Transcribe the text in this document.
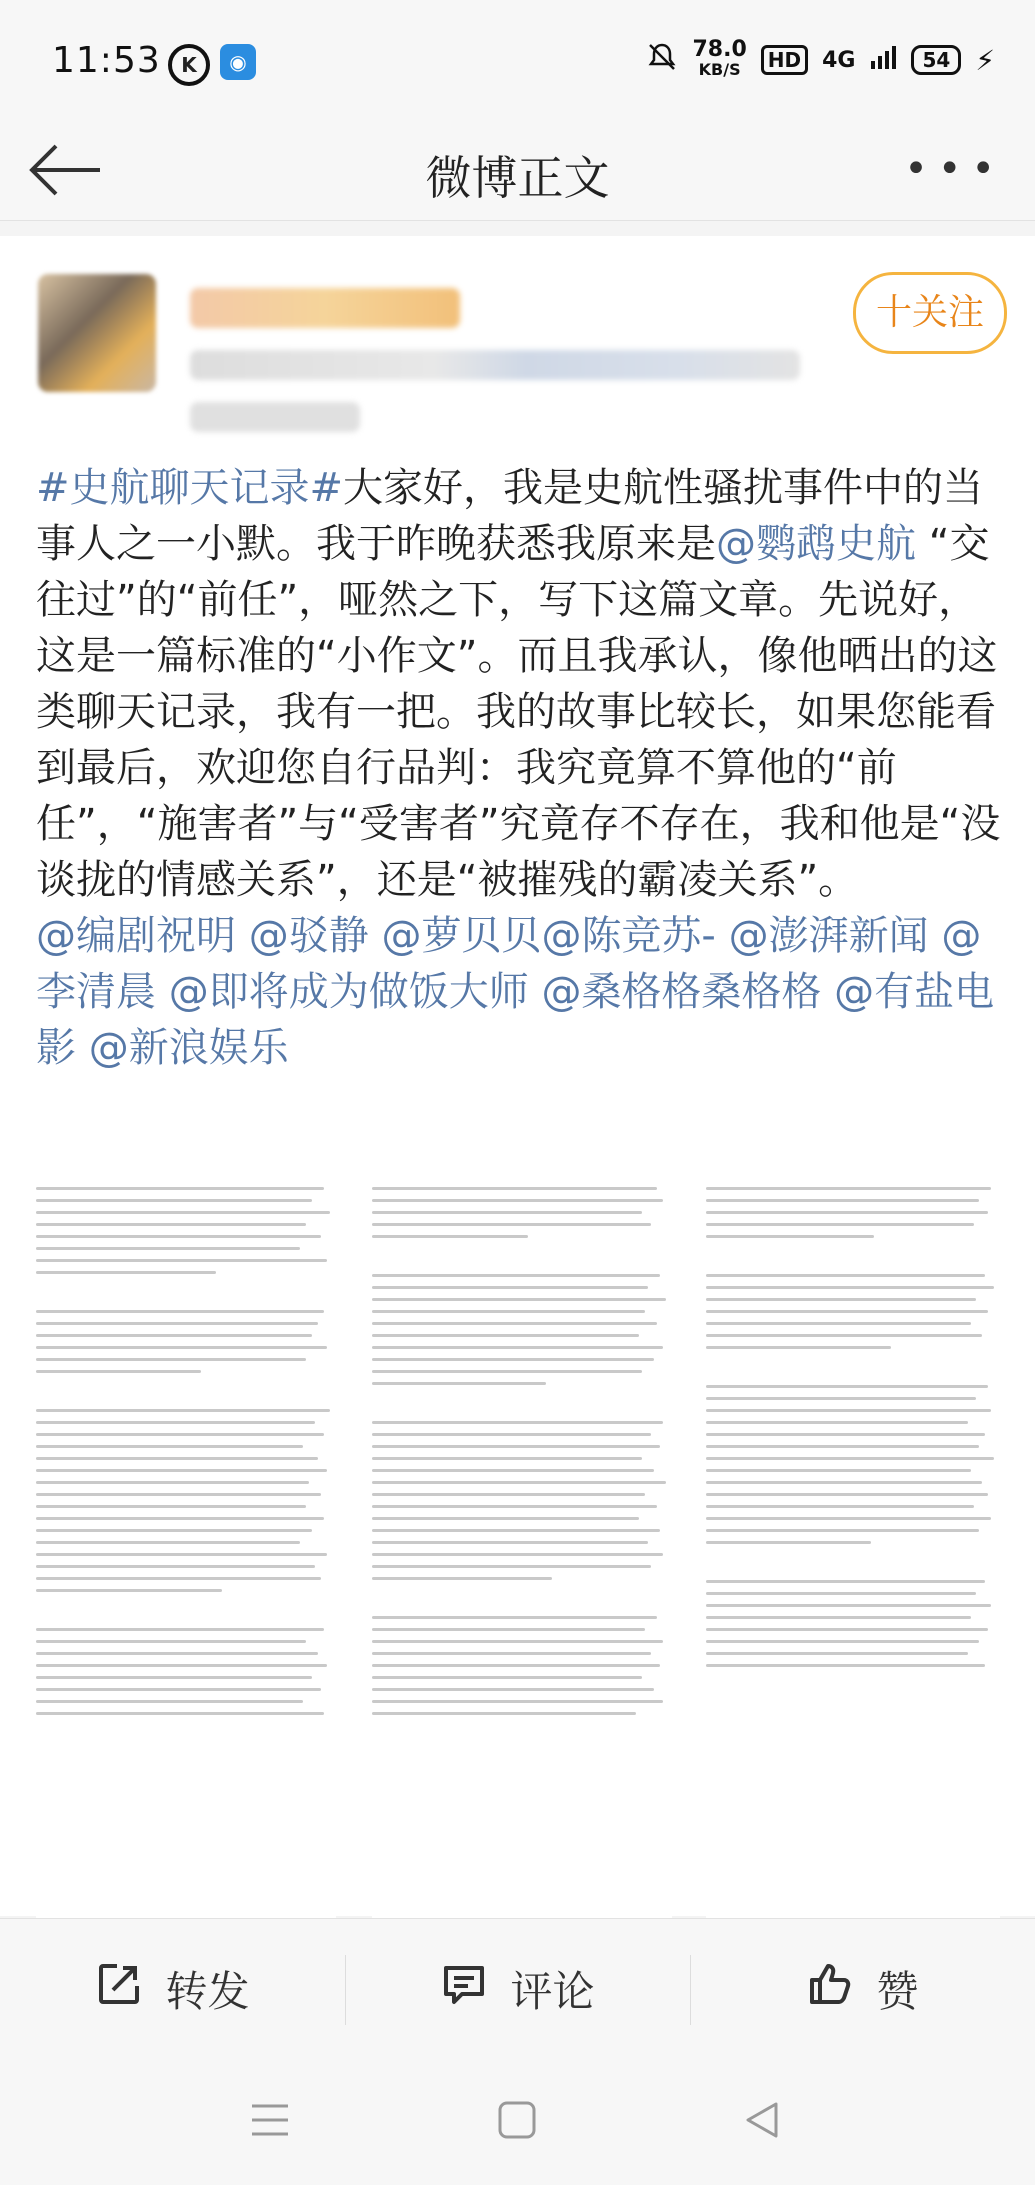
11:53	K	◉	78.0
KB/S	HD 4G	54 ⚡
微博正文	•••
十关注
#史航聊天记录#大家好，我是史航性骚扰事件中的当事人之一小默。我于昨晚获悉我原来是@鹦鹉史航 “交往过”的“前任”，哑然之下，写下这篇文章。先说好，这是一篇标准的“小作文”。而且我承认，像他晒出的这类聊天记录，我有一把。我的故事比较长，如果您能看到最后，欢迎您自行品判：我究竟算不算他的“前任”，“施害者”与“受害者”究竟存不存在，我和他是“没谈拢的情感关系”，还是“被摧残的霸凌关系”。
@编剧祝明 @驳静 @萝贝贝@陈竞苏- @澎湃新闻 @李清晨 @即将成为做饭大师 @桑格格桑格格 @有盐电影 @新浪娱乐
转发	评论	赞
